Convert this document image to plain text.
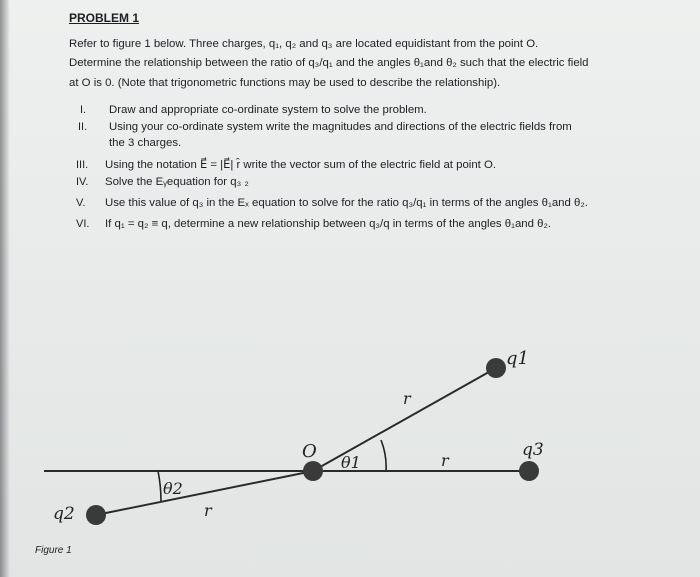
PROBLEM 1
Refer to figure 1 below. Three charges, q₁, q₂ and q₃ are located equidistant from the point O.
Determine the relationship between the ratio of q₃/q₁ and the angles θ₁and θ₂ such that the electric field
at O is 0. (Note that trigonometric functions may be used to describe the relationship).
I. Draw and appropriate co-ordinate system to solve the problem.
II. Using your co-ordinate system write the magnitudes and directions of the electric fields from
the 3 charges.
III. Using the notation E⃗ = |E⃗| r̂ write the vector sum of the electric field at point O.
IV. Solve the Eᵧequation for q₃ ₂
V. Use this value of q₃ in the Eₓ equation to solve for the ratio q₃/q₁ in terms of the angles θ₁and θ₂.
VI. If q₁ = q₂ ≡ q, determine a new relationship between q₃/q in terms of the angles θ₁and θ₂.
q1
q2
q3
O
θ1
θ2
r
r
r
Figure 1
